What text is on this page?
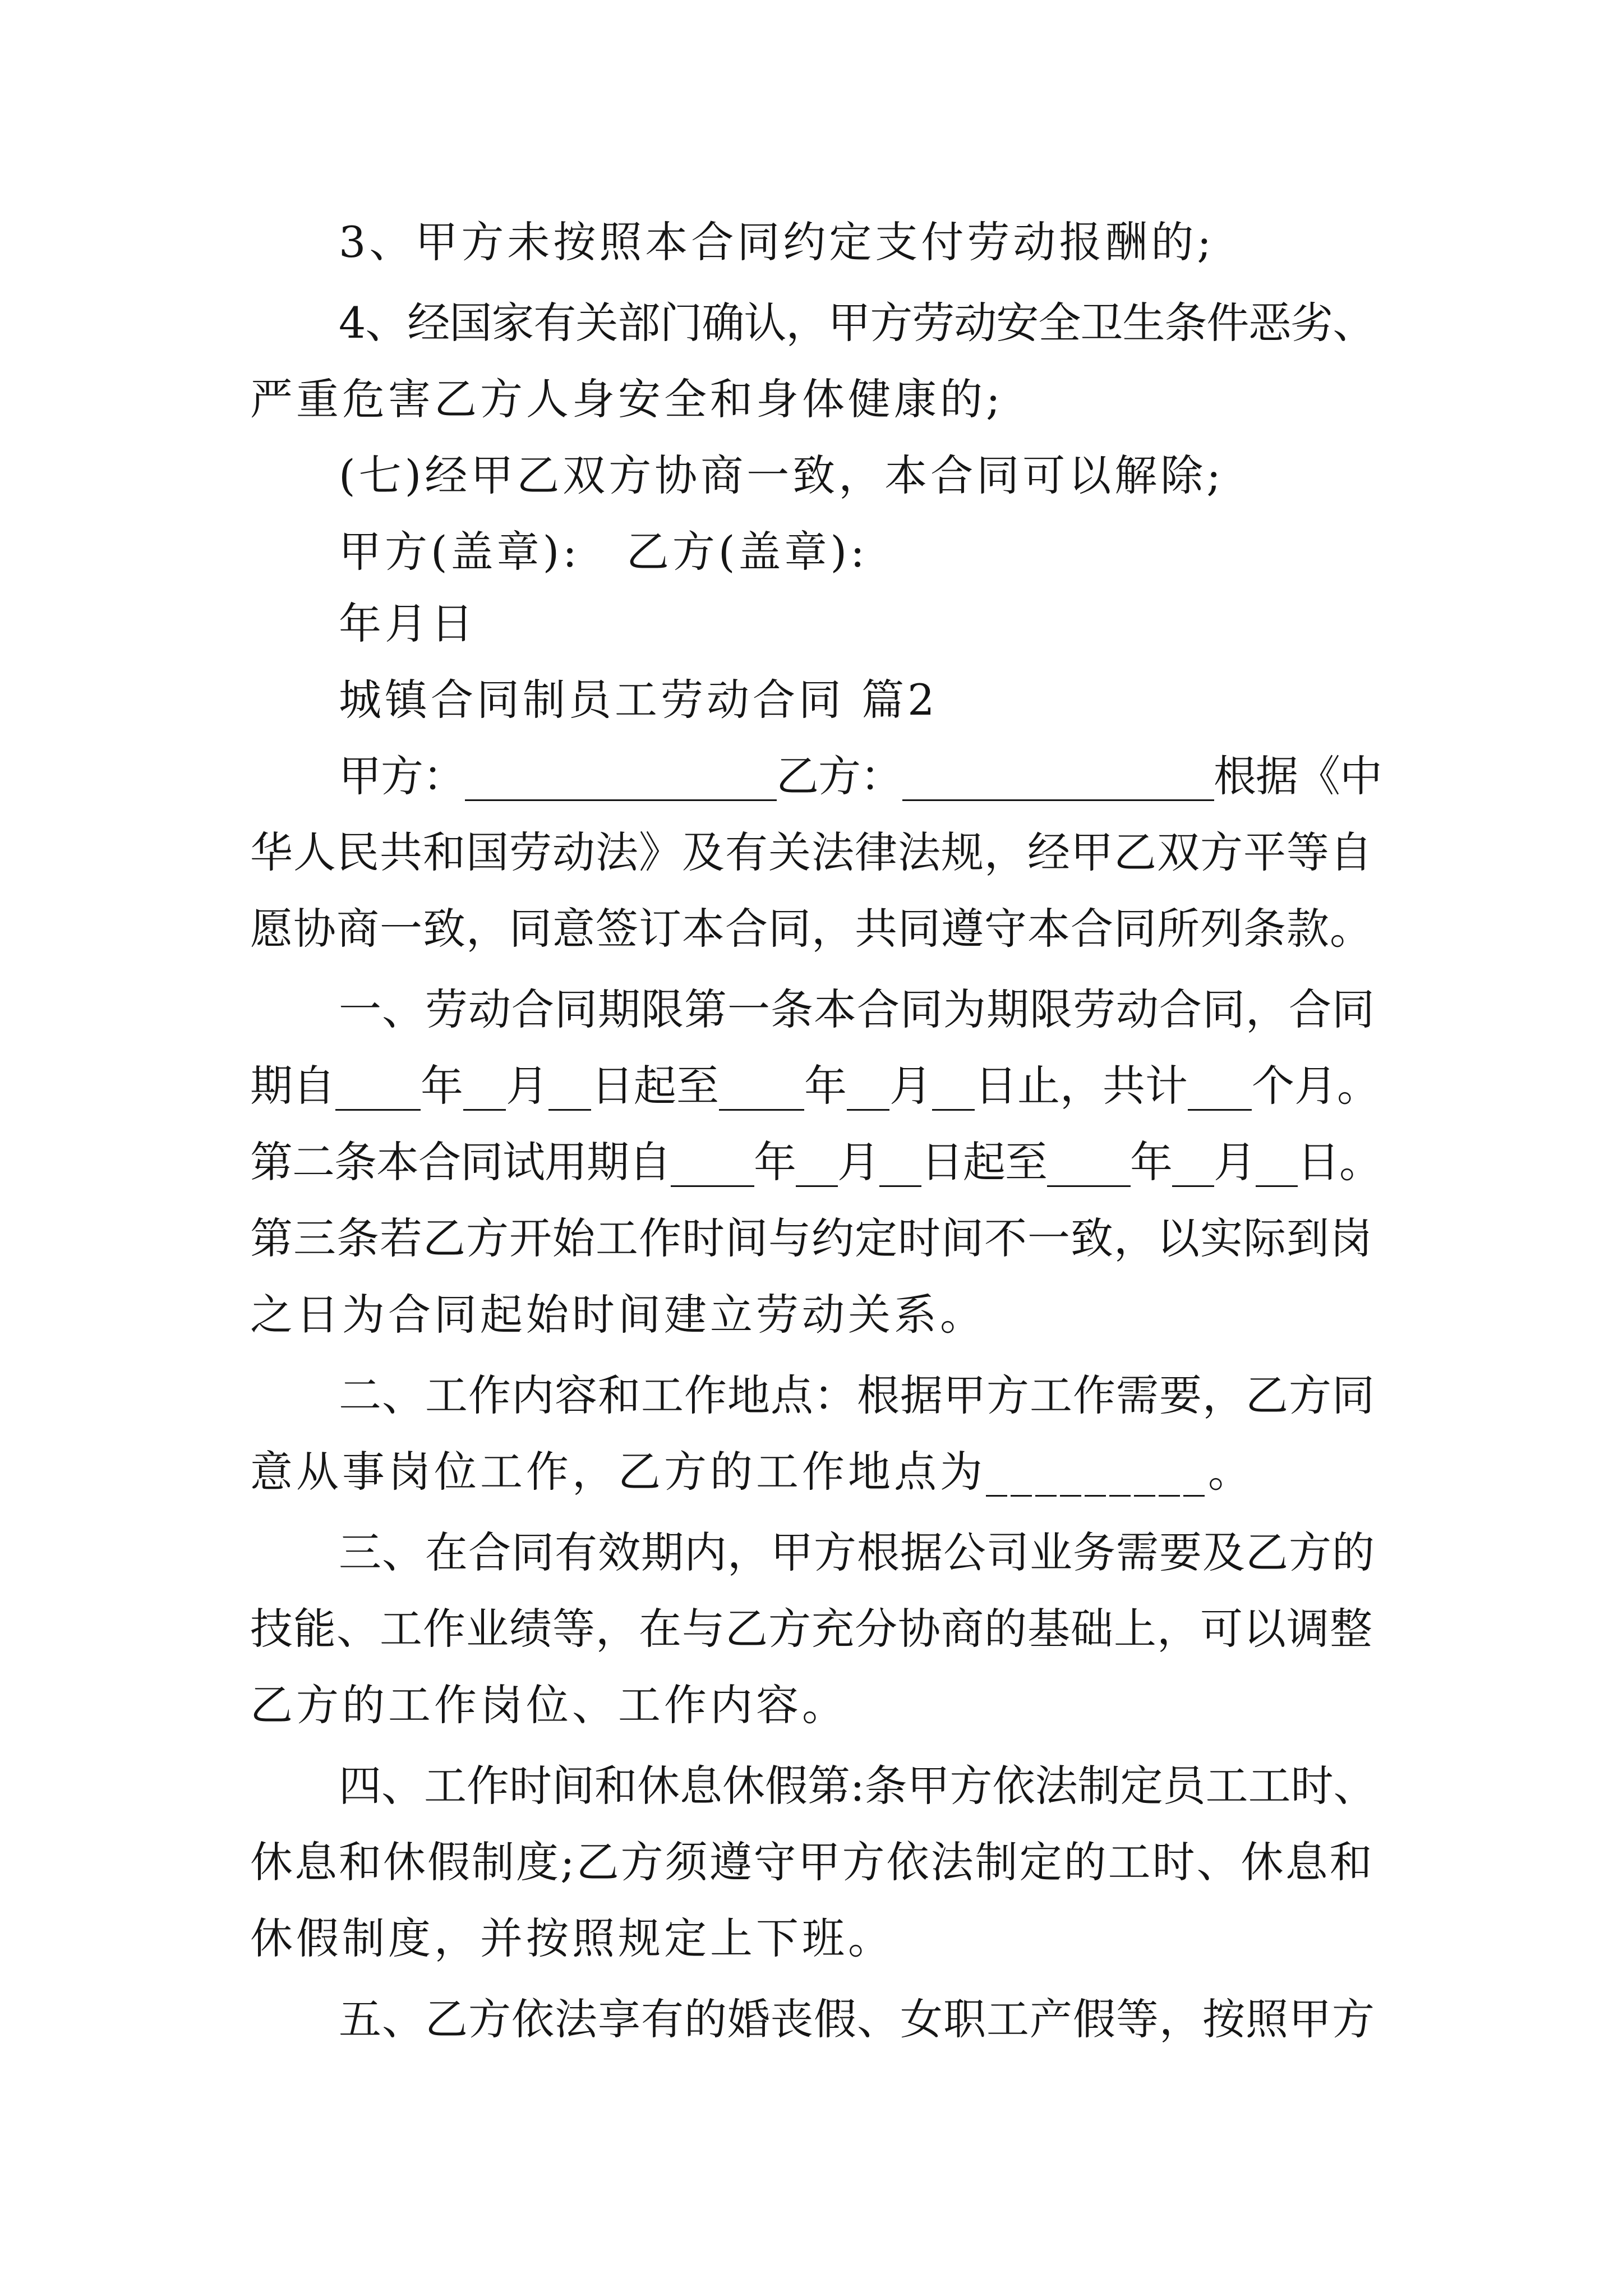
3、甲方未按照本合同约定支付劳动报酬的;

4、经国家有关部门确认，甲方劳动安全卫生条件恶劣、

严重危害乙方人身安全和身体健康的;

(七)经甲乙双方协商一致，本合同可以解除;

甲方(盖章):　乙方(盖章):

年月日

城镇合同制员工劳动合同 篇2

甲方：_______________乙方：_______________根据《中

华人民共和国劳动法》及有关法律法规，经甲乙双方平等自

愿协商一致，同意签订本合同，共同遵守本合同所列条款。

一、劳动合同期限第一条本合同为期限劳动合同，合同

期自____年__月__日起至____年__月__日止，共计___个月。

第二条本合同试用期自____年__月__日起至____年__月__日。

第三条若乙方开始工作时间与约定时间不一致，以实际到岗

之日为合同起始时间建立劳动关系。

二、工作内容和工作地点：根据甲方工作需要，乙方同

意从事岗位工作，乙方的工作地点为_________。

三、在合同有效期内，甲方根据公司业务需要及乙方的

技能、工作业绩等，在与乙方充分协商的基础上，可以调整

乙方的工作岗位、工作内容。

四、工作时间和休息休假第:条甲方依法制定员工工时、

休息和休假制度;乙方须遵守甲方依法制定的工时、休息和

休假制度，并按照规定上下班。

五、乙方依法享有的婚丧假、女职工产假等，按照甲方
